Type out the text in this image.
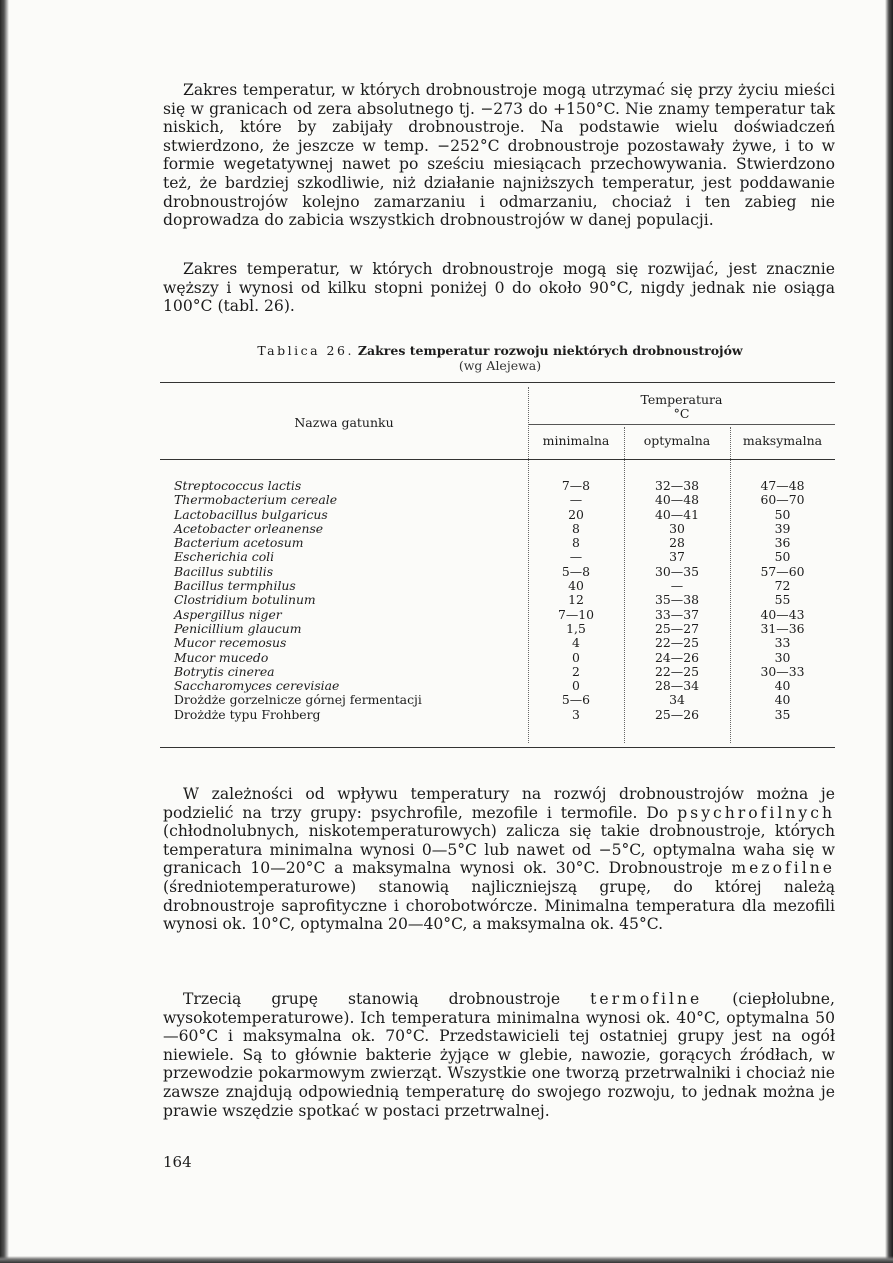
Zakres temperatur, w których drobnoustroje mogą utrzymać się przy życiu mieści się w granicach od zera absolutnego tj. −273 do +150°C. Nie znamy temperatur tak niskich, które by zabijały drobnoustroje. Na podstawie wielu doświadczeń stwierdzono, że jeszcze w temp. −252°C drobnoustroje pozostawały żywe, i to w formie wegetatywnej nawet po sześciu miesiącach przechowywania. Stwierdzono też, że bardziej szkodliwie, niż działanie najniższych temperatur, jest poddawanie drobnoustrojów kolejno zamarzaniu i odmarzaniu, chociaż i ten zabieg nie doprowadza do zabicia wszystkich drobnoustrojów w danej populacji.

Zakres temperatur, w których drobnoustroje mogą się rozwijać, jest znacznie węższy i wynosi od kilku stopni poniżej 0 do około 90°C, nigdy jednak nie osiąga 100°C (tabl. 26).

Tablica 26. Zakres temperatur rozwoju niektórych drobnoustrojów
(wg Alejewa)
Nazwa gatunku
Temperatura
°C
minimalna	optymalna	maksymalna
Streptococcus lactis	7—8	32—38	47—48
Thermobacterium cereale	—	40—48	60—70
Lactobacillus bulgaricus	20	40—41	50
Acetobacter orleanense	8	30	39
Bacterium acetosum	8	28	36
Escherichia coli	—	37	50
Bacillus subtilis	5—8	30—35	57—60
Bacillus termphilus	40	—	72
Clostridium botulinum	12	35—38	55
Aspergillus niger	7—10	33—37	40—43
Penicillium glaucum	1,5	25—27	31—36
Mucor recemosus	4	22—25	33
Mucor mucedo	0	24—26	30
Botrytis cinerea	2	22—25	30—33
Saccharomyces cerevisiae	0	28—34	40
Drożdże gorzelnicze górnej fermentacji	5—6	34	40
Drożdże typu Frohberg	3	25—26	35

W zależności od wpływu temperatury na rozwój drobnoustrojów można je podzielić na trzy grupy: psychrofile, mezofile i termofile. Do psychrofilnych (chłodnolubnych, niskotemperaturowych) zalicza się takie drobnoustroje, których temperatura minimalna wynosi 0—5°C lub nawet od −5°C, optymalna waha się w granicach 10—20°C a maksymalna wynosi ok. 30°C. Drobnoustroje mezofilne (średniotemperaturowe) stanowią najliczniejszą grupę, do której należą drobnoustroje saprofityczne i chorobotwórcze. Minimalna temperatura dla mezofili wynosi ok. 10°C, optymalna 20—40°C, a maksymalna ok. 45°C.

Trzecią grupę stanowią drobnoustroje termofilne (ciepłolubne, wysokotemperaturowe). Ich temperatura minimalna wynosi ok. 40°C, optymalna 50—60°C i maksymalna ok. 70°C. Przedstawicieli tej ostatniej grupy jest na ogół niewiele. Są to głównie bakterie żyjące w glebie, nawozie, gorących źródłach, w przewodzie pokarmowym zwierząt. Wszystkie one tworzą przetrwalniki i chociaż nie zawsze znajdują odpowiednią temperaturę do swojego rozwoju, to jednak można je prawie wszędzie spotkać w postaci przetrwalnej.

164
